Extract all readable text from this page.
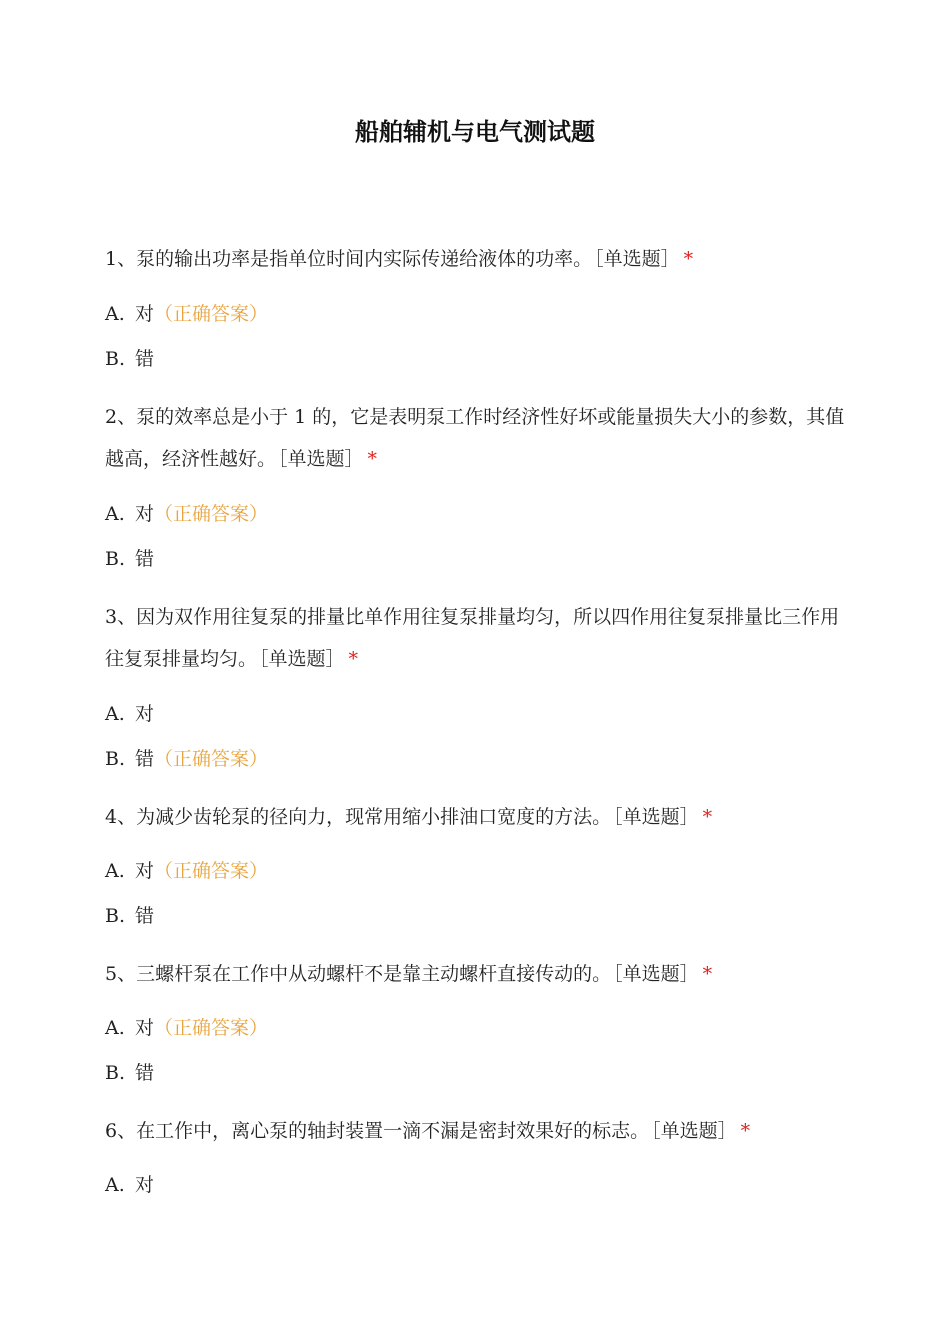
船舶辅机与电气测试题
1、泵的输出功率是指单位时间内实际传递给液体的功率。 ［单选题］ *
A. 对（正确答案）
B. 错
2、泵的效率总是小于 1 的，它是表明泵工作时经济性好坏或能量损失大小的参数，其值越高，经济性越好。 ［单选题］ *
A. 对（正确答案）
B. 错
3、因为双作用往复泵的排量比单作用往复泵排量均匀，所以四作用往复泵排量比三作用往复泵排量均匀。 ［单选题］ *
A. 对
B. 错（正确答案）
4、为减少齿轮泵的径向力，现常用缩小排油口宽度的方法。 ［单选题］ *
A. 对（正确答案）
B. 错
5、三螺杆泵在工作中从动螺杆不是靠主动螺杆直接传动的。 ［单选题］ *
A. 对（正确答案）
B. 错
6、在工作中，离心泵的轴封装置一滴不漏是密封效果好的标志。 ［单选题］ *
A. 对
